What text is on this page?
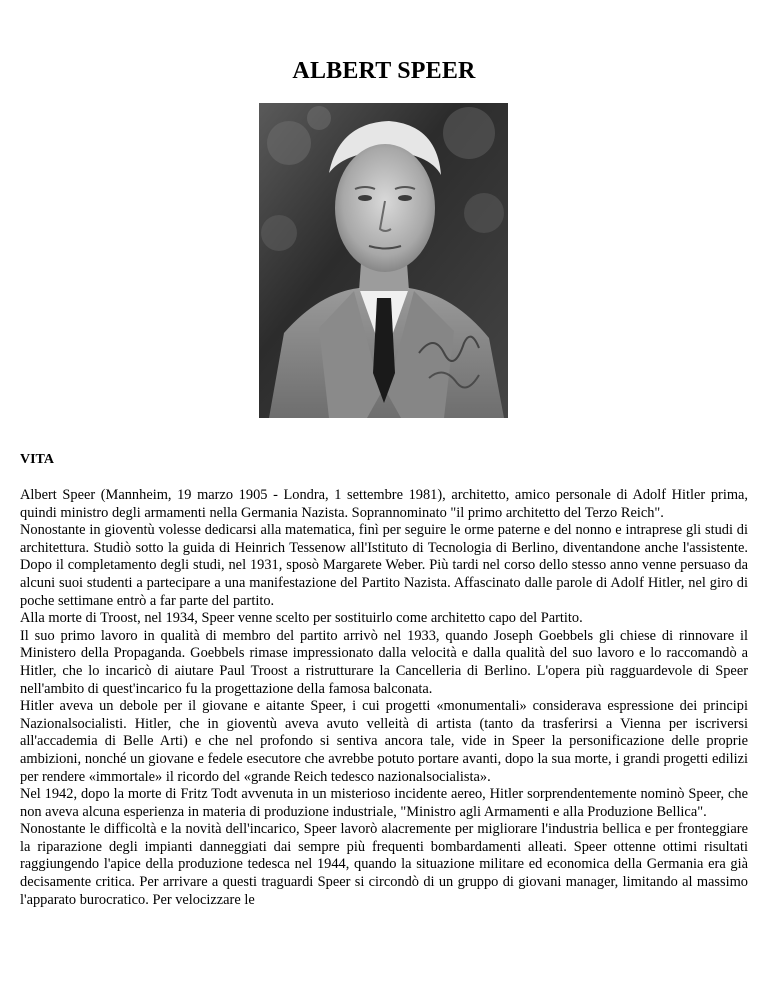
ALBERT SPEER
VITA

Albert Speer (Mannheim, 19 marzo 1905 - Londra, 1 settembre 1981), architetto, amico personale di Adolf Hitler prima, quindi ministro degli armamenti nella Germania Nazista. Soprannominato "il primo architetto del Terzo Reich".

Nonostante in gioventù volesse dedicarsi alla matematica, finì per seguire le orme paterne e del nonno e intraprese gli studi di architettura. Studiò sotto la guida di Heinrich Tessenow all'Istituto di Tecnologia di Berlino, diventandone anche l'assistente. Dopo il completamento degli studi, nel 1931, sposò Margarete Weber. Più tardi nel corso dello stesso anno venne persuaso da alcuni suoi studenti a partecipare a una manifestazione del Partito Nazista. Affascinato dalle parole di Adolf Hitler, nel giro di poche settimane entrò a far parte del partito.

Alla morte di Troost, nel 1934, Speer venne scelto per sostituirlo come architetto capo del Partito.

Il suo primo lavoro in qualità di membro del partito arrivò nel 1933, quando Joseph Goebbels gli chiese di rinnovare il Ministero della Propaganda. Goebbels rimase impressionato dalla velocità e dalla qualità del suo lavoro e lo raccomandò a Hitler, che lo incaricò di aiutare Paul Troost a ristrutturare la Cancelleria di Berlino. L'opera più ragguardevole di Speer nell'ambito di quest'incarico fu la progettazione della famosa balconata.

Hitler aveva un debole per il giovane e aitante Speer, i cui progetti «monumentali» considerava espressione dei principi Nazionalsocialisti. Hitler, che in gioventù aveva avuto velleità di artista (tanto da trasferirsi a Vienna per iscriversi all'accademia di Belle Arti) e che nel profondo si sentiva ancora tale, vide in Speer la personificazione delle proprie ambizioni, nonché un giovane e fedele esecutore che avrebbe potuto portare avanti, dopo la sua morte, i grandi progetti edilizi per rendere «immortale» il ricordo del «grande Reich tedesco nazionalsocialista».

Nel 1942, dopo la morte di Fritz Todt avvenuta in un misterioso incidente aereo, Hitler sorprendentemente nominò Speer, che non aveva alcuna esperienza in materia di produzione industriale, "Ministro agli Armamenti e alla Produzione Bellica".

Nonostante le difficoltà e la novità dell'incarico, Speer lavorò alacremente per migliorare l'industria bellica e per fronteggiare la riparazione degli impianti danneggiati dai sempre più frequenti bombardamenti alleati. Speer ottenne ottimi risultati raggiungendo l'apice della produzione tedesca nel 1944, quando la situazione militare ed economica della Germania era già decisamente critica. Per arrivare a questi traguardi Speer si circondò di un gruppo di giovani manager, limitando al massimo l'apparato burocratico. Per velocizzare le
